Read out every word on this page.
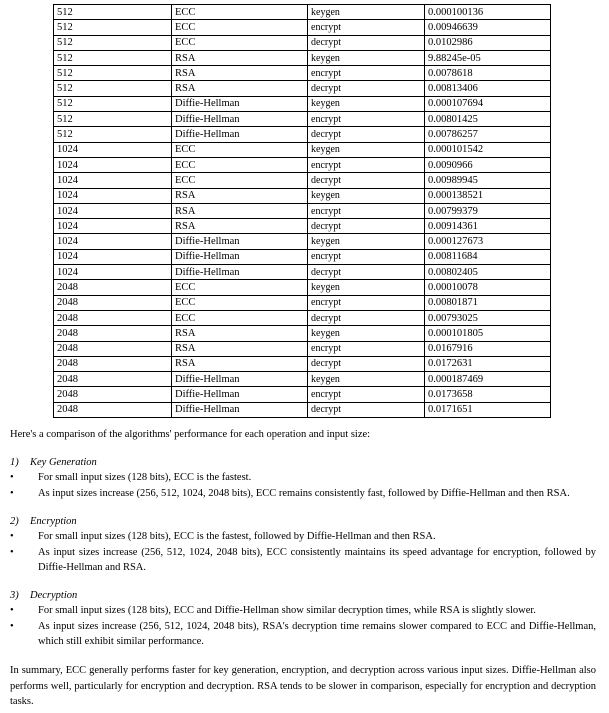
512	ECC	keygen	0.000100136
512	ECC	encrypt	0.00946639
512	ECC	decrypt	0.0102986
512	RSA	keygen	9.88245e-05
512	RSA	encrypt	0.0078618
512	RSA	decrypt	0.00813406
512	Diffie-Hellman	keygen	0.000107694
512	Diffie-Hellman	encrypt	0.00801425
512	Diffie-Hellman	decrypt	0.00786257
1024	ECC	keygen	0.000101542
1024	ECC	encrypt	0.0090966
1024	ECC	decrypt	0.00989945
1024	RSA	keygen	0.000138521
1024	RSA	encrypt	0.00799379
1024	RSA	decrypt	0.00914361
1024	Diffie-Hellman	keygen	0.000127673
1024	Diffie-Hellman	encrypt	0.00811684
1024	Diffie-Hellman	decrypt	0.00802405
2048	ECC	keygen	0.00010078
2048	ECC	encrypt	0.00801871
2048	ECC	decrypt	0.00793025
2048	RSA	keygen	0.000101805
2048	RSA	encrypt	0.0167916
2048	RSA	decrypt	0.0172631
2048	Diffie-Hellman	keygen	0.000187469
2048	Diffie-Hellman	encrypt	0.0173658
2048	Diffie-Hellman	decrypt	0.0171651
Here's a comparison of the algorithms' performance for each operation and input size:
1) Key Generation
•	For small input sizes (128 bits), ECC is the fastest.
•	As input sizes increase (256, 512, 1024, 2048 bits), ECC remains consistently fast, followed by Diffie-Hellman and then RSA.
2) Encryption
•	For small input sizes (128 bits), ECC is the fastest, followed by Diffie-Hellman and then RSA.
•	As input sizes increase (256, 512, 1024, 2048 bits), ECC consistently maintains its speed advantage for encryption, followed by Diffie-Hellman and RSA.
3) Decryption
•	For small input sizes (128 bits), ECC and Diffie-Hellman show similar decryption times, while RSA is slightly slower.
•	As input sizes increase (256, 512, 1024, 2048 bits), RSA's decryption time remains slower compared to ECC and Diffie-Hellman, which still exhibit similar performance.
In summary, ECC generally performs faster for key generation, encryption, and decryption across various input sizes. Diffie-Hellman also performs well, particularly for encryption and decryption. RSA tends to be slower in comparison, especially for encryption and decryption tasks.
